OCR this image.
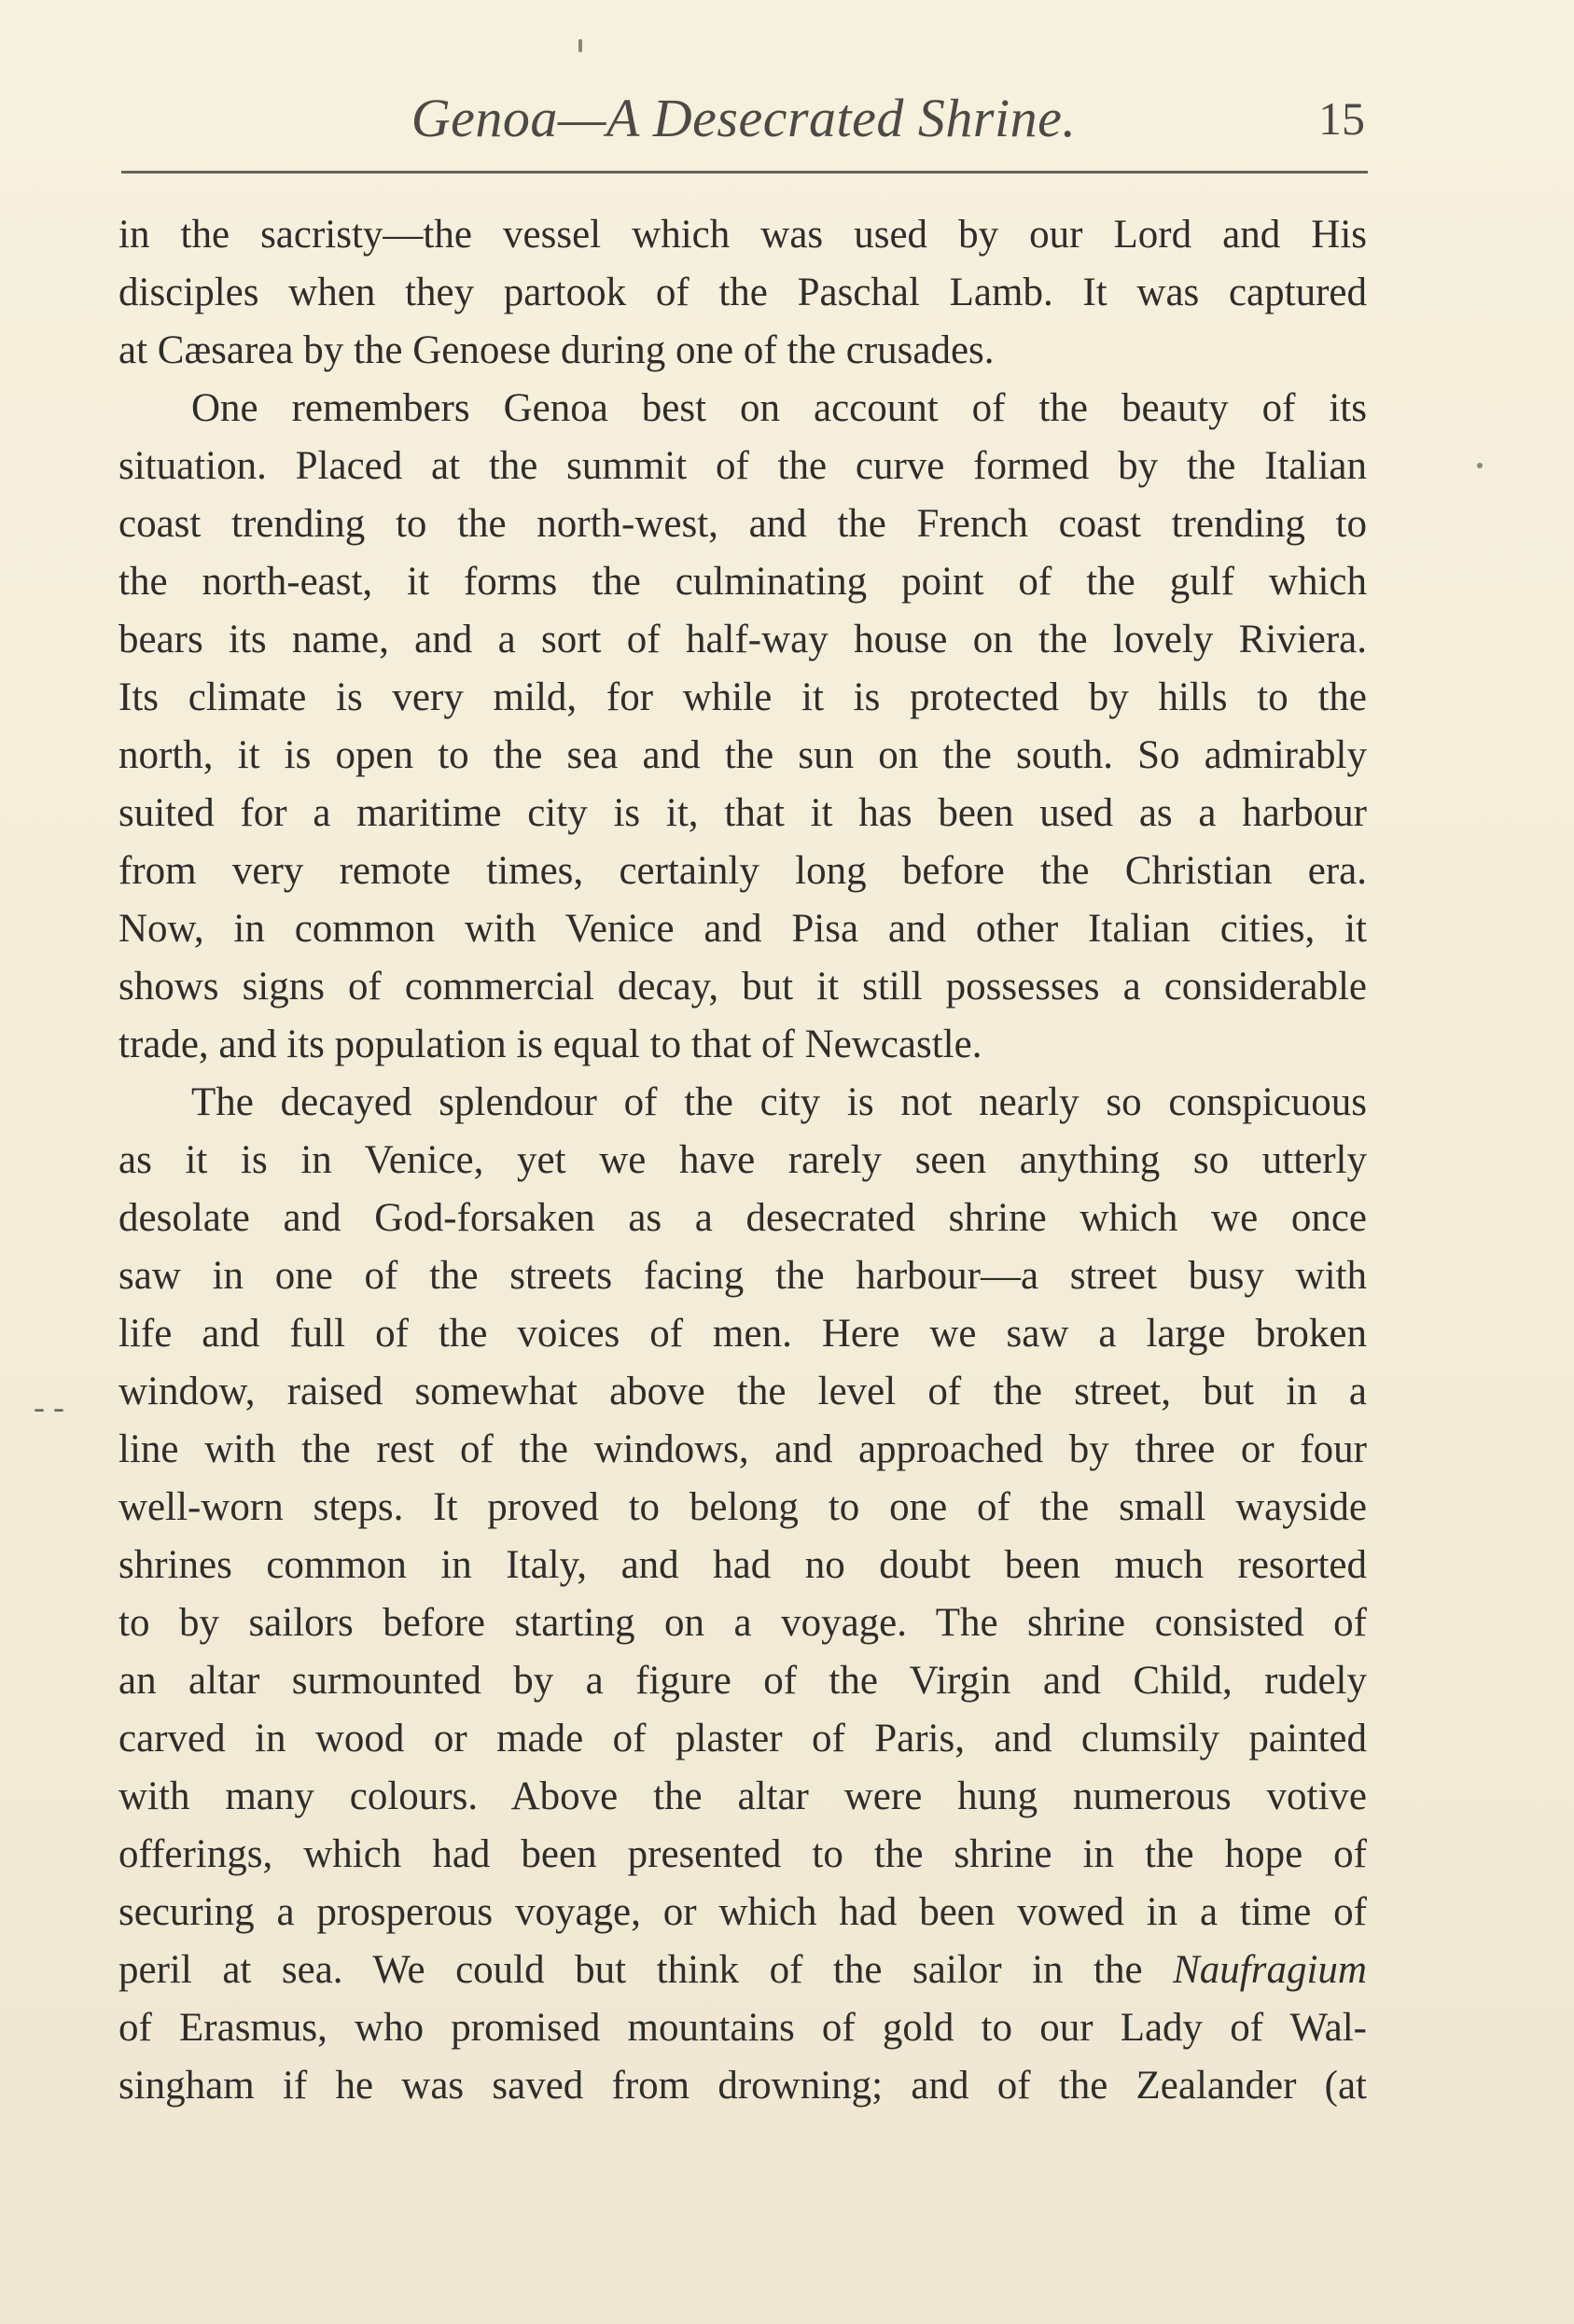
Genoa—A Desecrated Shrine.	15
in the sacristy—the vessel which was used by our Lord and His
disciples when they partook of the Paschal Lamb. It was captured
at Cæsarea by the Genoese during one of the crusades.
One remembers Genoa best on account of the beauty of its
situation. Placed at the summit of the curve formed by the Italian
coast trending to the north-west, and the French coast trending to
the north-east, it forms the culminating point of the gulf which
bears its name, and a sort of half-way house on the lovely Riviera.
Its climate is very mild, for while it is protected by hills to the
north, it is open to the sea and the sun on the south. So admirably
suited for a maritime city is it, that it has been used as a harbour
from very remote times, certainly long before the Christian era.
Now, in common with Venice and Pisa and other Italian cities, it
shows signs of commercial decay, but it still possesses a considerable
trade, and its population is equal to that of Newcastle.
The decayed splendour of the city is not nearly so conspicuous
as it is in Venice, yet we have rarely seen anything so utterly
desolate and God-forsaken as a desecrated shrine which we once
saw in one of the streets facing the harbour—a street busy with
life and full of the voices of men. Here we saw a large broken
window, raised somewhat above the level of the street, but in a
line with the rest of the windows, and approached by three or four
well-worn steps. It proved to belong to one of the small wayside
shrines common in Italy, and had no doubt been much resorted
to by sailors before starting on a voyage. The shrine consisted of
an altar surmounted by a figure of the Virgin and Child, rudely
carved in wood or made of plaster of Paris, and clumsily painted
with many colours. Above the altar were hung numerous votive
offerings, which had been presented to the shrine in the hope of
securing a prosperous voyage, or which had been vowed in a time of
peril at sea. We could but think of the sailor in the Naufragium
of Erasmus, who promised mountains of gold to our Lady of Wal-
singham if he was saved from drowning; and of the Zealander (at
- -
